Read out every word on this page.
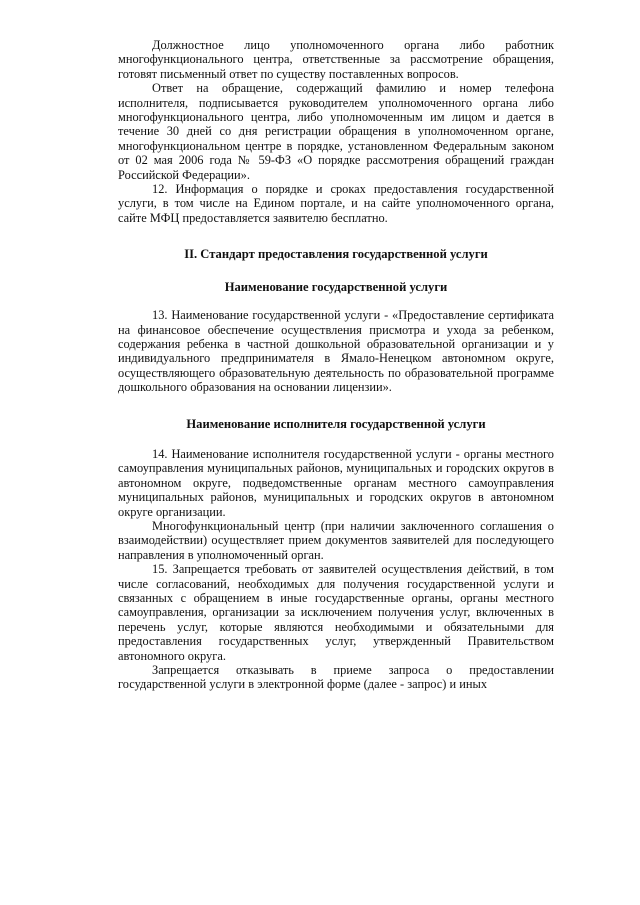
Должностное лицо уполномоченного органа либо работник многофункционального центра, ответственные за рассмотрение обращения, готовят письменный ответ по существу поставленных вопросов.

Ответ на обращение, содержащий фамилию и номер телефона исполнителя, подписывается руководителем уполномоченного органа либо многофункционального центра, либо уполномоченным им лицом и дается в течение 30 дней со дня регистрации обращения в уполномоченном органе, многофункциональном центре в порядке, установленном Федеральным законом от 02 мая 2006 года № 59-ФЗ «О порядке рассмотрения обращений граждан Российской Федерации».

12. Информация о порядке и сроках предоставления государственной услуги, в том числе на Едином портале, и на сайте уполномоченного органа, сайте МФЦ предоставляется заявителю бесплатно.

II. Стандарт предоставления государственной услуги
Наименование государственной услуги

13. Наименование государственной услуги - «Предоставление сертификата на финансовое обеспечение осуществления присмотра и ухода за ребенком, содержания ребенка в частной дошкольной образовательной организации и у индивидуального предпринимателя в Ямало-Ненецком автономном округе, осуществляющего образовательную деятельность по образовательной программе дошкольного образования на основании лицензии».

Наименование исполнителя государственной услуги

14. Наименование исполнителя государственной услуги - органы местного самоуправления муниципальных районов, муниципальных и городских округов в автономном округе, подведомственные органам местного самоуправления муниципальных районов, муниципальных и городских округов в автономном округе организации.

Многофункциональный центр (при наличии заключенного соглашения о взаимодействии) осуществляет прием документов заявителей для последующего направления в уполномоченный орган.

15. Запрещается требовать от заявителей осуществления действий, в том числе согласований, необходимых для получения государственной услуги и связанных с обращением в иные государственные органы, органы местного самоуправления, организации за исключением получения услуг, включенных в перечень услуг, которые являются необходимыми и обязательными для предоставления государственных услуг, утвержденный Правительством автономного округа.

Запрещается отказывать в приеме запроса о предоставлении государственной услуги в электронной форме (далее - запрос) и иных
